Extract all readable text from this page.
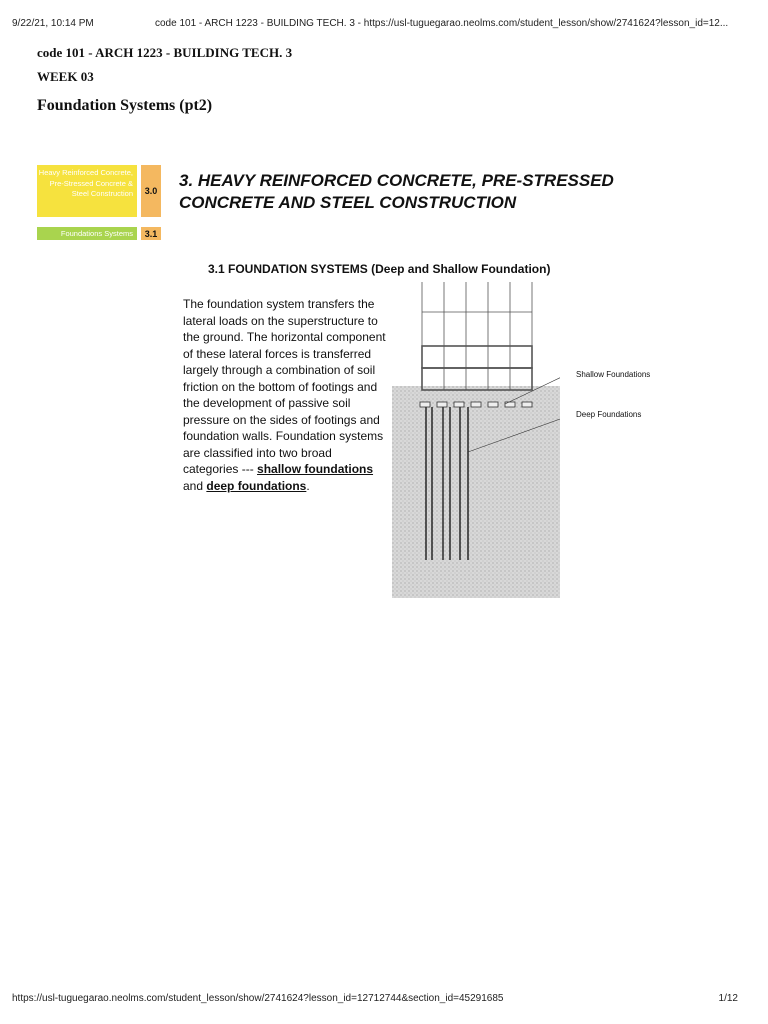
9/22/21, 10:14 PM	code 101 - ARCH 1223 - BUILDING TECH. 3 - https://usl-tuguegarao.neolms.com/student_lesson/show/2741624?lesson_id=12...
code 101 - ARCH 1223 - BUILDING TECH. 3
WEEK 03
Foundation Systems (pt2)
Heavy Reinforced Concrete, Pre-Stressed Concrete & Steel Construction	3.0
Foundations Systems	3.1
3. HEAVY REINFORCED CONCRETE, PRE-STRESSED CONCRETE AND STEEL CONSTRUCTION
3.1 FOUNDATION SYSTEMS (Deep and Shallow Foundation)
The foundation system transfers the lateral loads on the superstructure to the ground. The horizontal component of these lateral forces is transferred largely through a combination of soil friction on the bottom of footings and the development of passive soil pressure on the sides of footings and foundation walls. Foundation systems are classified into two broad categories --- shallow foundations and deep foundations.
Shallow Foundations
Deep Foundations
https://usl-tuguegarao.neolms.com/student_lesson/show/2741624?lesson_id=12712744&section_id=45291685	1/12
